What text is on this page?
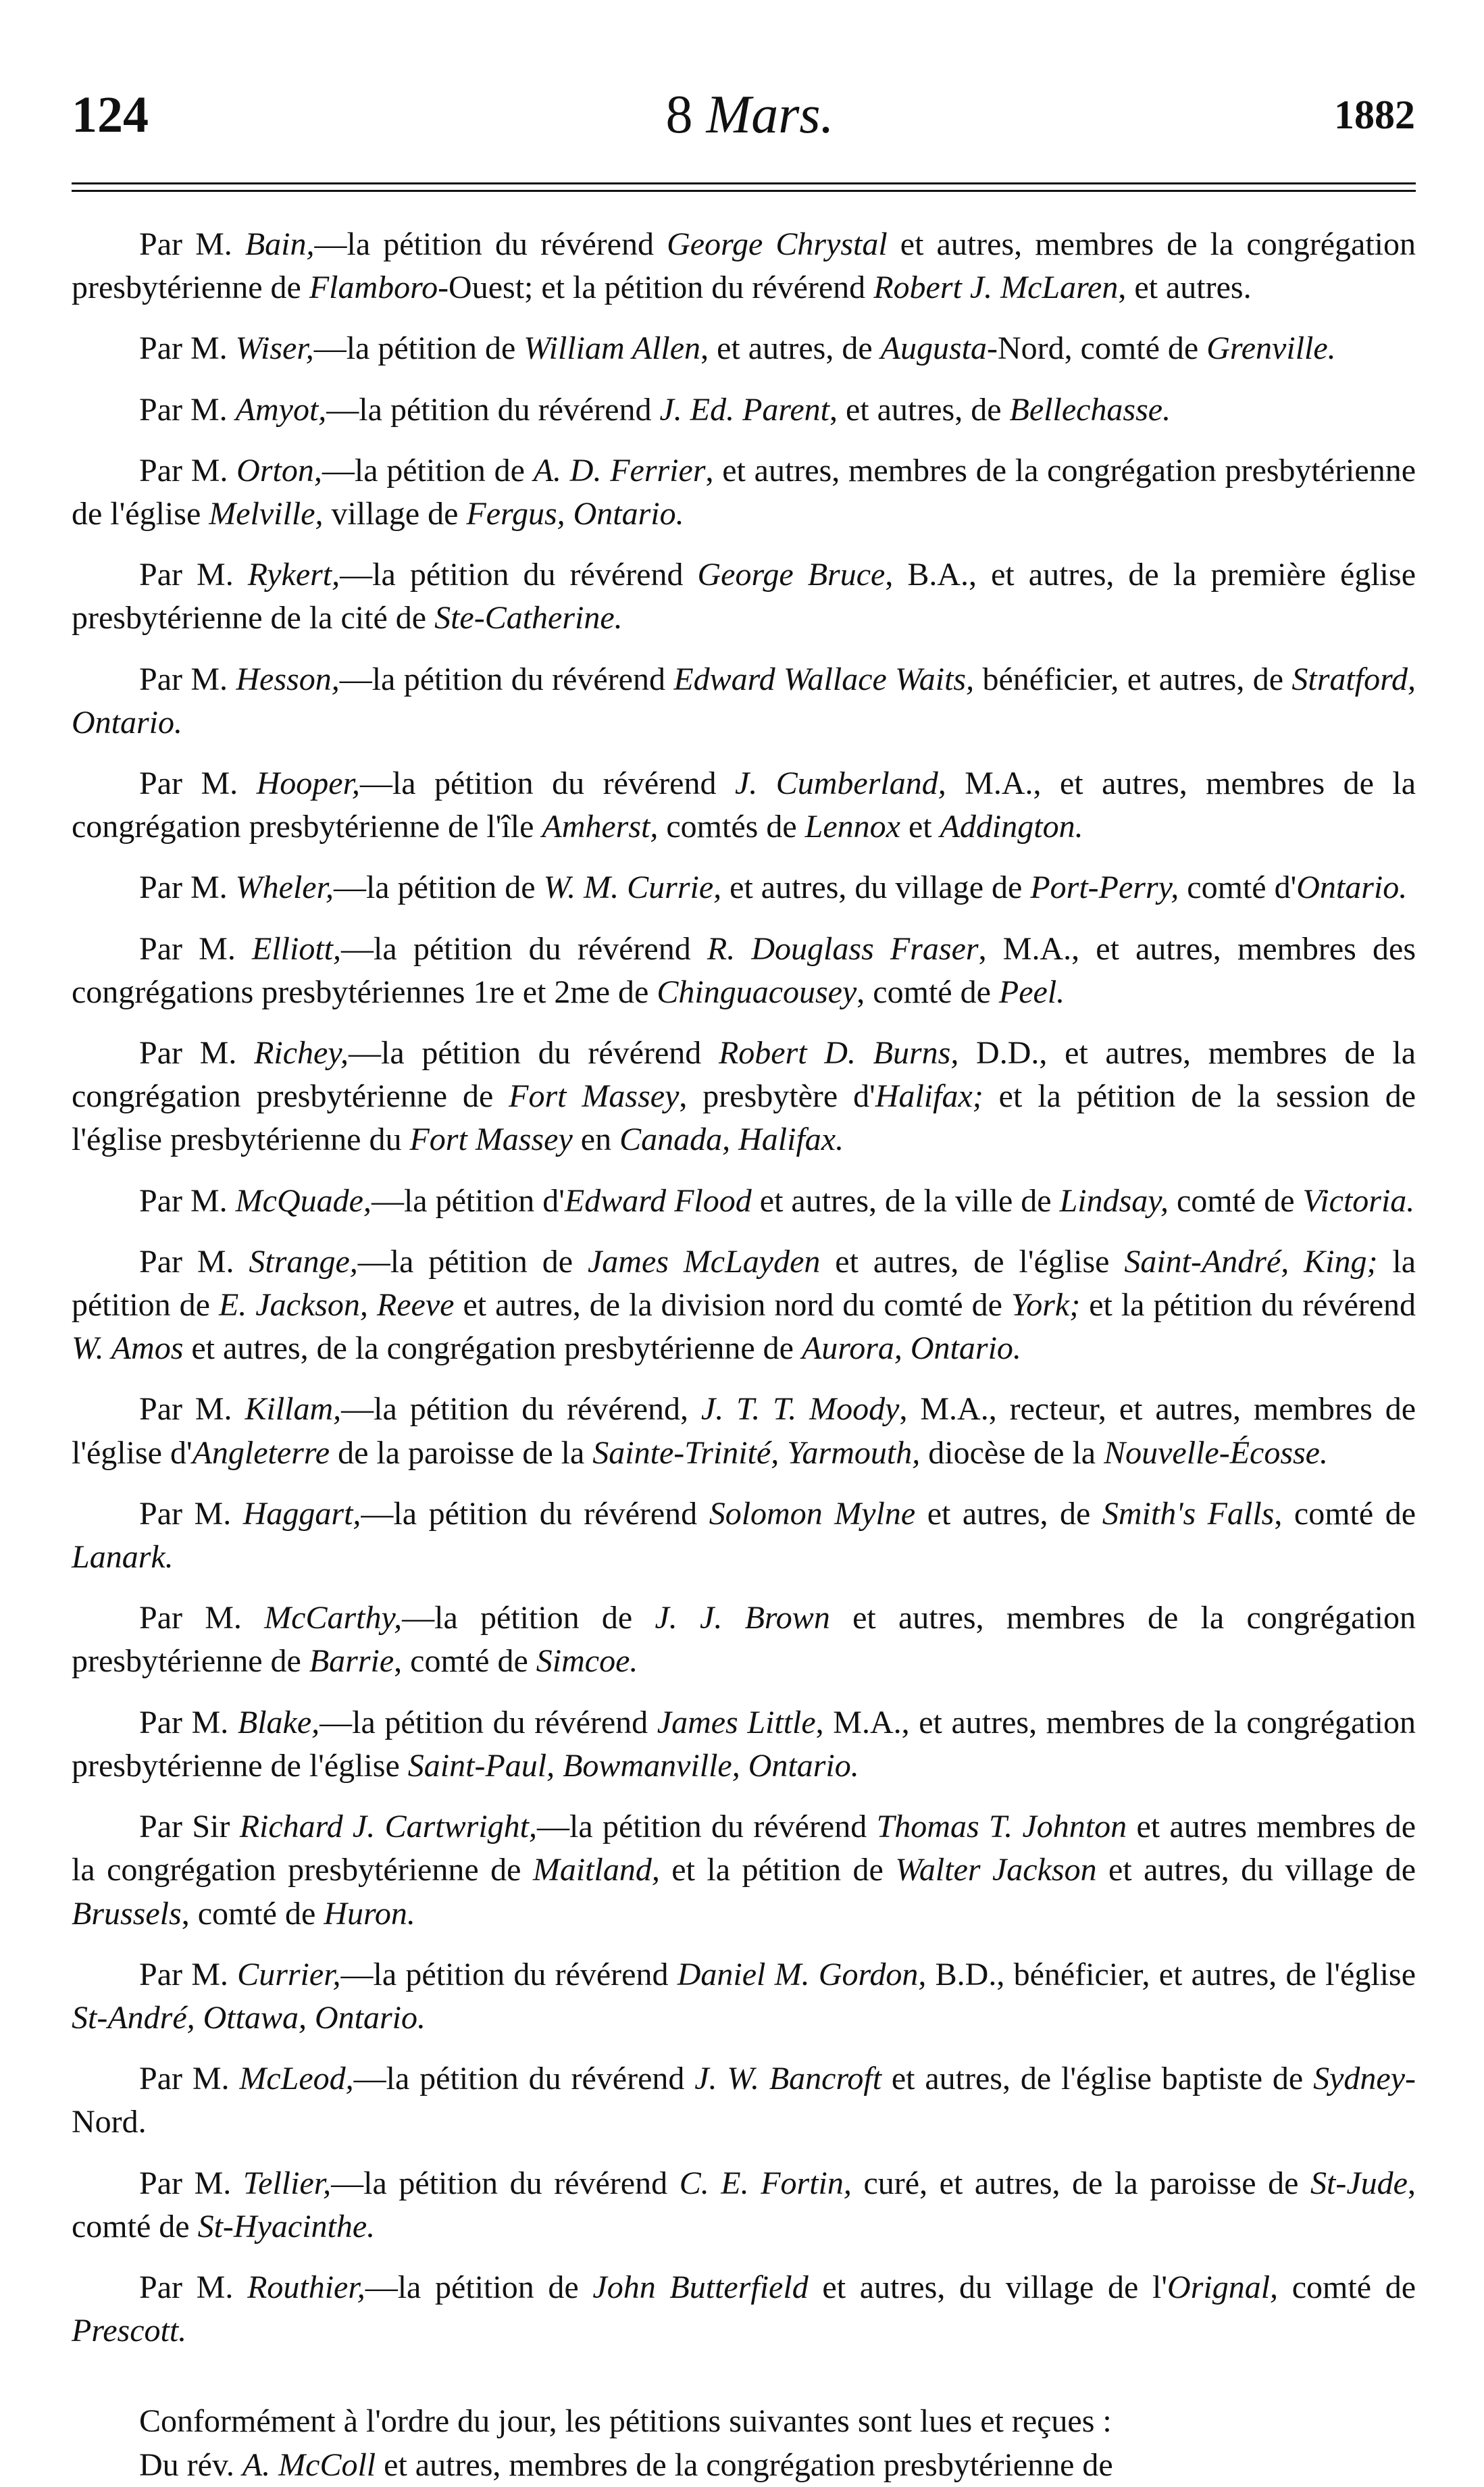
124	8 Mars.	1882

Par M. Bain,—la pétition du révérend George Chrystal et autres, membres de la congrégation presbytérienne de Flamboro-Ouest; et la pétition du révérend Robert J. McLaren, et autres.

Par M. Wiser,—la pétition de William Allen, et autres, de Augusta-Nord, comté de Grenville.

Par M. Amyot,—la pétition du révérend J. Ed. Parent, et autres, de Bellechasse.

Par M. Orton,—la pétition de A. D. Ferrier, et autres, membres de la congrégation presbytérienne de l'église Melville, village de Fergus, Ontario.

Par M. Rykert,—la pétition du révérend George Bruce, B.A., et autres, de la première église presbytérienne de la cité de Ste-Catherine.

Par M. Hesson,—la pétition du révérend Edward Wallace Waits, bénéficier, et autres, de Stratford, Ontario.

Par M. Hooper,—la pétition du révérend J. Cumberland, M.A., et autres, membres de la congrégation presbytérienne de l'île Amherst, comtés de Lennox et Addington.

Par M. Wheler,—la pétition de W. M. Currie, et autres, du village de Port-Perry, comté d'Ontario.

Par M. Elliott,—la pétition du révérend R. Douglass Fraser, M.A., et autres, membres des congrégations presbytériennes 1re et 2me de Chinguacousey, comté de Peel.

Par M. Richey,—la pétition du révérend Robert D. Burns, D.D., et autres, membres de la congrégation presbytérienne de Fort Massey, presbytère d'Halifax; et la pétition de la session de l'église presbytérienne du Fort Massey en Canada, Halifax.

Par M. McQuade,—la pétition d'Edward Flood et autres, de la ville de Lindsay, comté de Victoria.

Par M. Strange,—la pétition de James McLayden et autres, de l'église Saint-André, King; la pétition de E. Jackson, Reeve et autres, de la division nord du comté de York; et la pétition du révérend W. Amos et autres, de la congrégation presbytérienne de Aurora, Ontario.

Par M. Killam,—la pétition du révérend, J. T. T. Moody, M.A., recteur, et autres, membres de l'église d'Angleterre de la paroisse de la Sainte-Trinité, Yarmouth, diocèse de la Nouvelle-Écosse.

Par M. Haggart,—la pétition du révérend Solomon Mylne et autres, de Smith's Falls, comté de Lanark.

Par M. McCarthy,—la pétition de J. J. Brown et autres, membres de la congrégation presbytérienne de Barrie, comté de Simcoe.

Par M. Blake,—la pétition du révérend James Little, M.A., et autres, membres de la congrégation presbytérienne de l'église Saint-Paul, Bowmanville, Ontario.

Par Sir Richard J. Cartwright,—la pétition du révérend Thomas T. Johnton et autres membres de la congrégation presbytérienne de Maitland, et la pétition de Walter Jackson et autres, du village de Brussels, comté de Huron.

Par M. Currier,—la pétition du révérend Daniel M. Gordon, B.D., bénéficier, et autres, de l'église St-André, Ottawa, Ontario.

Par M. McLeod,—la pétition du révérend J. W. Bancroft et autres, de l'église baptiste de Sydney-Nord.

Par M. Tellier,—la pétition du révérend C. E. Fortin, curé, et autres, de la paroisse de St-Jude, comté de St-Hyacinthe.

Par M. Routhier,—la pétition de John Butterfield et autres, du village de l'Orignal, comté de Prescott.

Conformément à l'ordre du jour, les pétitions suivantes sont lues et reçues :

Du rév. A. McColl et autres, membres de la congrégation presbytérienne de
